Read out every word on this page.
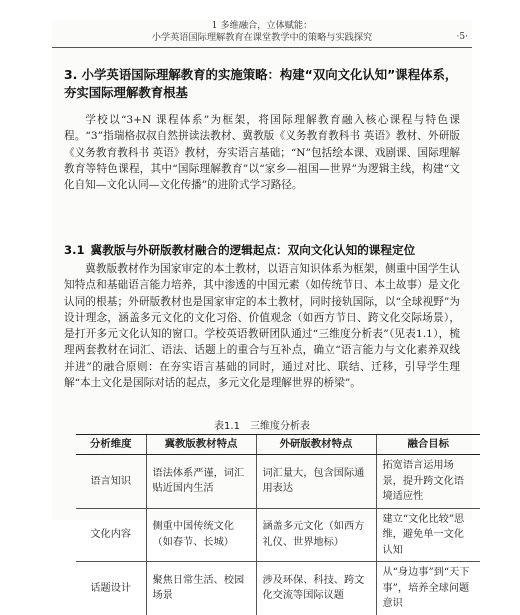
1 多维融合，立体赋能：
小学英语国际理解教育在课堂教学中的策略与实践探究	·5·
3. 小学英语国际理解教育的实施策略：构建“双向文化认知”课程体系，夯实国际理解教育根基
学校以“3+N 课程体系”为框架，将国际理解教育融入核心课程与特色课程。“3”指瑞格叔叔自然拼读法教材、冀教版《义务教育教科书 英语》教材、外研版《义务教育教科书 英语》教材，夯实语言基础；“N”包括绘本课、戏剧课、国际理解教育等特色课程，其中“国际理解教育”以“家乡—祖国—世界”为逻辑主线，构建“文化自知—文化认同—文化传播”的进阶式学习路径。
3.1 冀教版与外研版教材融合的逻辑起点：双向文化认知的课程定位
冀教版教材作为国家审定的本土教材，以语言知识体系为框架，侧重中国学生认知特点和基础语言能力培养，其中渗透的中国元素（如传统节日、本土故事）是文化认同的根基；外研版教材也是国家审定的本土教材，同时接轨国际，以“全球视野”为设计理念，涵盖多元文化的文化习俗、价值观念（如西方节日、跨文化交际场景），是打开多元文化认知的窗口。学校英语教研团队通过“三维度分析表”（见表1.1），梳理两套教材在词汇、语法、话题上的重合与互补点，确立“语言能力与文化素养双线并进”的融合原则：在夯实语言基础的同时，通过对比、联结、迁移，引导学生理解“本土文化是国际对话的起点，多元文化是理解世界的桥梁”。
表1.1 三维度分析表
分析维度	冀教版教材特点	外研版教材特点	融合目标
语言知识	语法体系严谨，词汇贴近国内生活	词汇量大，包含国际通用表达	拓宽语言运用场景，提升跨文化语境适应性
文化内容	侧重中国传统文化（如春节、长城）	涵盖多元文化（如西方礼仪、世界地标）	建立“文化比较”思维，避免单一文化认知
话题设计	聚焦日常生活、校园场景	涉及环保、科技、跨文化交流等国际议题	从“身边事”到“天下事”，培养全球问题意识
